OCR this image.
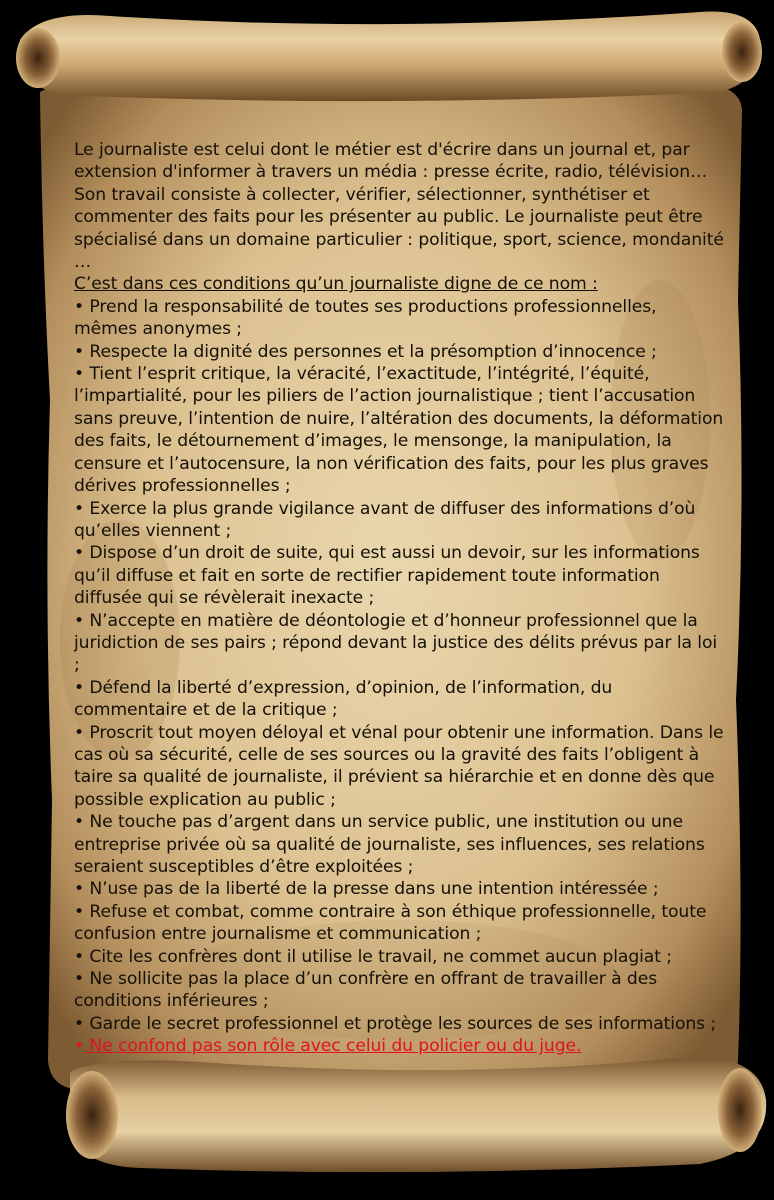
Le journaliste est celui dont le métier est d'écrire dans un journal et, par extension d'informer à travers un média : presse écrite, radio, télévision… Son travail consiste à collecter, vérifier, sélectionner, synthétiser et commenter des faits pour les présenter au public. Le journaliste peut être spécialisé dans un domaine particulier : politique, sport, science, mondanité …

C’est dans ces conditions qu’un journaliste digne de ce nom :

• Prend la responsabilité de toutes ses productions professionnelles, mêmes anonymes ;

• Respecte la dignité des personnes et la présomption d’innocence ;

• Tient l’esprit critique, la véracité, l’exactitude, l’intégrité, l’équité, l’impartialité, pour les piliers de l’action journalistique ; tient l’accusation sans preuve, l’intention de nuire, l’altération des documents, la déformation des faits, le détournement d’images, le mensonge, la manipulation, la censure et l’autocensure, la non vérification des faits, pour les plus graves dérives professionnelles ;

• Exerce la plus grande vigilance avant de diffuser des informations d’où qu’elles viennent ;

• Dispose d’un droit de suite, qui est aussi un devoir, sur les informations qu’il diffuse et fait en sorte de rectifier rapidement toute information diffusée qui se révèlerait inexacte ;

• N’accepte en matière de déontologie et d’honneur professionnel que la juridiction de ses pairs ; répond devant la justice des délits prévus par la loi ;

• Défend la liberté d’expression, d’opinion, de l’information, du commentaire et de la critique ;

• Proscrit tout moyen déloyal et vénal pour obtenir une information. Dans le cas où sa sécurité, celle de ses sources ou la gravité des faits l’obligent à taire sa qualité de journaliste, il prévient sa hiérarchie et en donne dès que possible explication au public ;

• Ne touche pas d’argent dans un service public, une institution ou une entreprise privée où sa qualité de journaliste, ses influences, ses relations seraient susceptibles d’être exploitées ;

• N’use pas de la liberté de la presse dans une intention intéressée ;

• Refuse et combat, comme contraire à son éthique professionnelle, toute confusion entre journalisme et communication ;

• Cite les confrères dont il utilise le travail, ne commet aucun plagiat ;

• Ne sollicite pas la place d’un confrère en offrant de travailler à des conditions inférieures ;

• Garde le secret professionnel et protège les sources de ses informations ;

• Ne confond pas son rôle avec celui du policier ou du juge.
